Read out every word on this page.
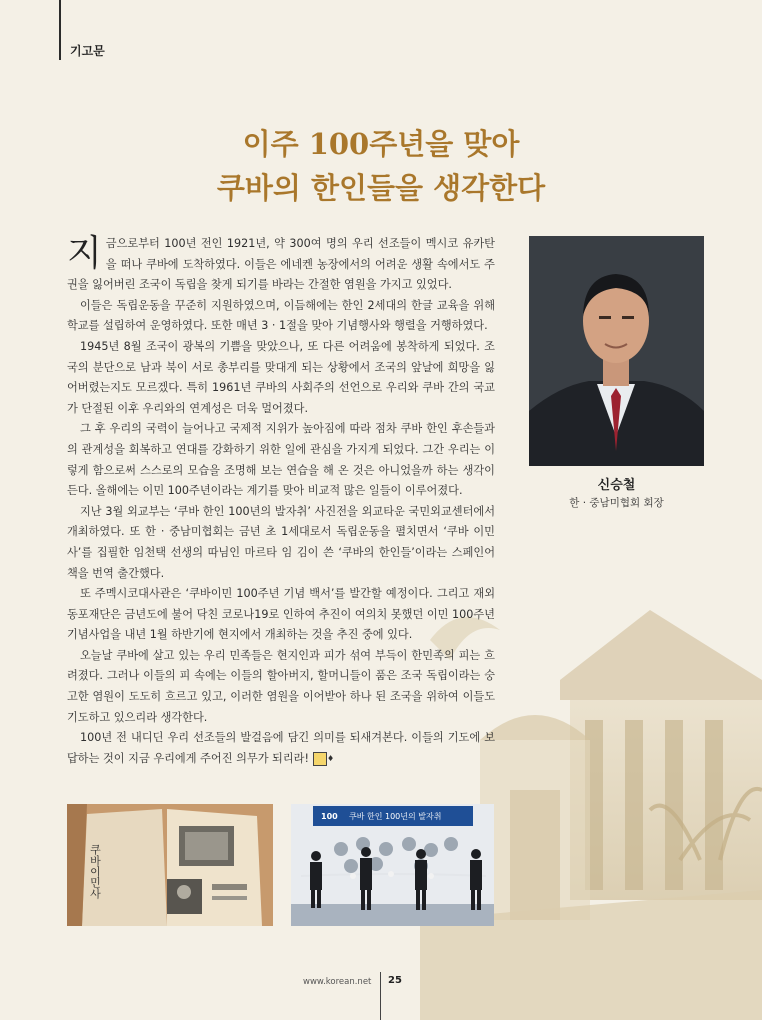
기고문
이주 100주년을 맞아
쿠바의 한인들을 생각한다

지금으로부터 100년 전인 1921년, 약 300여 명의 우리 선조들이 멕시코 유카탄을 떠나 쿠바에 도착하였다. 이들은 에네켄 농장에서의 어려운 생활 속에서도 주권을 잃어버린 조국이 독립을 찾게 되기를 바라는 간절한 염원을 가지고 있었다.

이들은 독립운동을 꾸준히 지원하였으며, 이듬해에는 한인 2세대의 한글 교육을 위해 학교를 설립하여 운영하였다. 또한 매년 3 · 1절을 맞아 기념행사와 행렬을 거행하였다.

1945년 8월 조국이 광복의 기쁨을 맞았으나, 또 다른 어려움에 봉착하게 되었다. 조국의 분단으로 남과 북이 서로 총부리를 맞대게 되는 상황에서 조국의 앞날에 희망을 잃어버렸는지도 모르겠다. 특히 1961년 쿠바의 사회주의 선언으로 우리와 쿠바 간의 국교가 단절된 이후 우리와의 연계성은 더욱 멀어졌다.

그 후 우리의 국력이 늘어나고 국제적 지위가 높아짐에 따라 점차 쿠바 한인 후손들과의 관계성을 회복하고 연대를 강화하기 위한 일에 관심을 가지게 되었다. 그간 우리는 이렇게 함으로써 스스로의 모습을 조명해 보는 연습을 해 온 것은 아니었을까 하는 생각이 든다. 올해에는 이민 100주년이라는 계기를 맞아 비교적 많은 일들이 이루어졌다.

지난 3월 외교부는 ‘쿠바 한인 100년의 발자취’ 사진전을 외교타운 국민외교센터에서 개최하였다. 또 한 · 중남미협회는 금년 초 1세대로서 독립운동을 펼치면서 ‘쿠바 이민사’를 집필한 임천택 선생의 따님인 마르타 임 김이 쓴 ‘쿠바의 한인들’이라는 스페인어책을 번역 출간했다.

또 주멕시코대사관은 ‘쿠바이민 100주년 기념 백서’를 발간할 예정이다. 그리고 재외동포재단은 금년도에 불어 닥친 코로나19로 인하여 추진이 여의치 못했던 이민 100주년 기념사업을 내년 1월 하반기에 현지에서 개최하는 것을 추진 중에 있다.

오늘날 쿠바에 살고 있는 우리 민족들은 현지인과 피가 섞여 부득이 한민족의 피는 흐려졌다. 그러나 이들의 피 속에는 이들의 할아버지, 할머니들이 품은 조국 독립이라는 숭고한 염원이 도도히 흐르고 있고, 이러한 염원을 이어받아 하나 된 조국을 위하여 이들도 기도하고 있으리라 생각한다.

100년 전 내디딘 우리 선조들의 발걸음에 담긴 의미를 되새겨본다. 이들의 기도에 보답하는 것이 지금 우리에게 주어진 의무가 되리라! ♦

신승철
한 · 중남미협회 회장
쿠바이민사
100 쿠바 한인 100년의 발자취
www.korean.net 25
